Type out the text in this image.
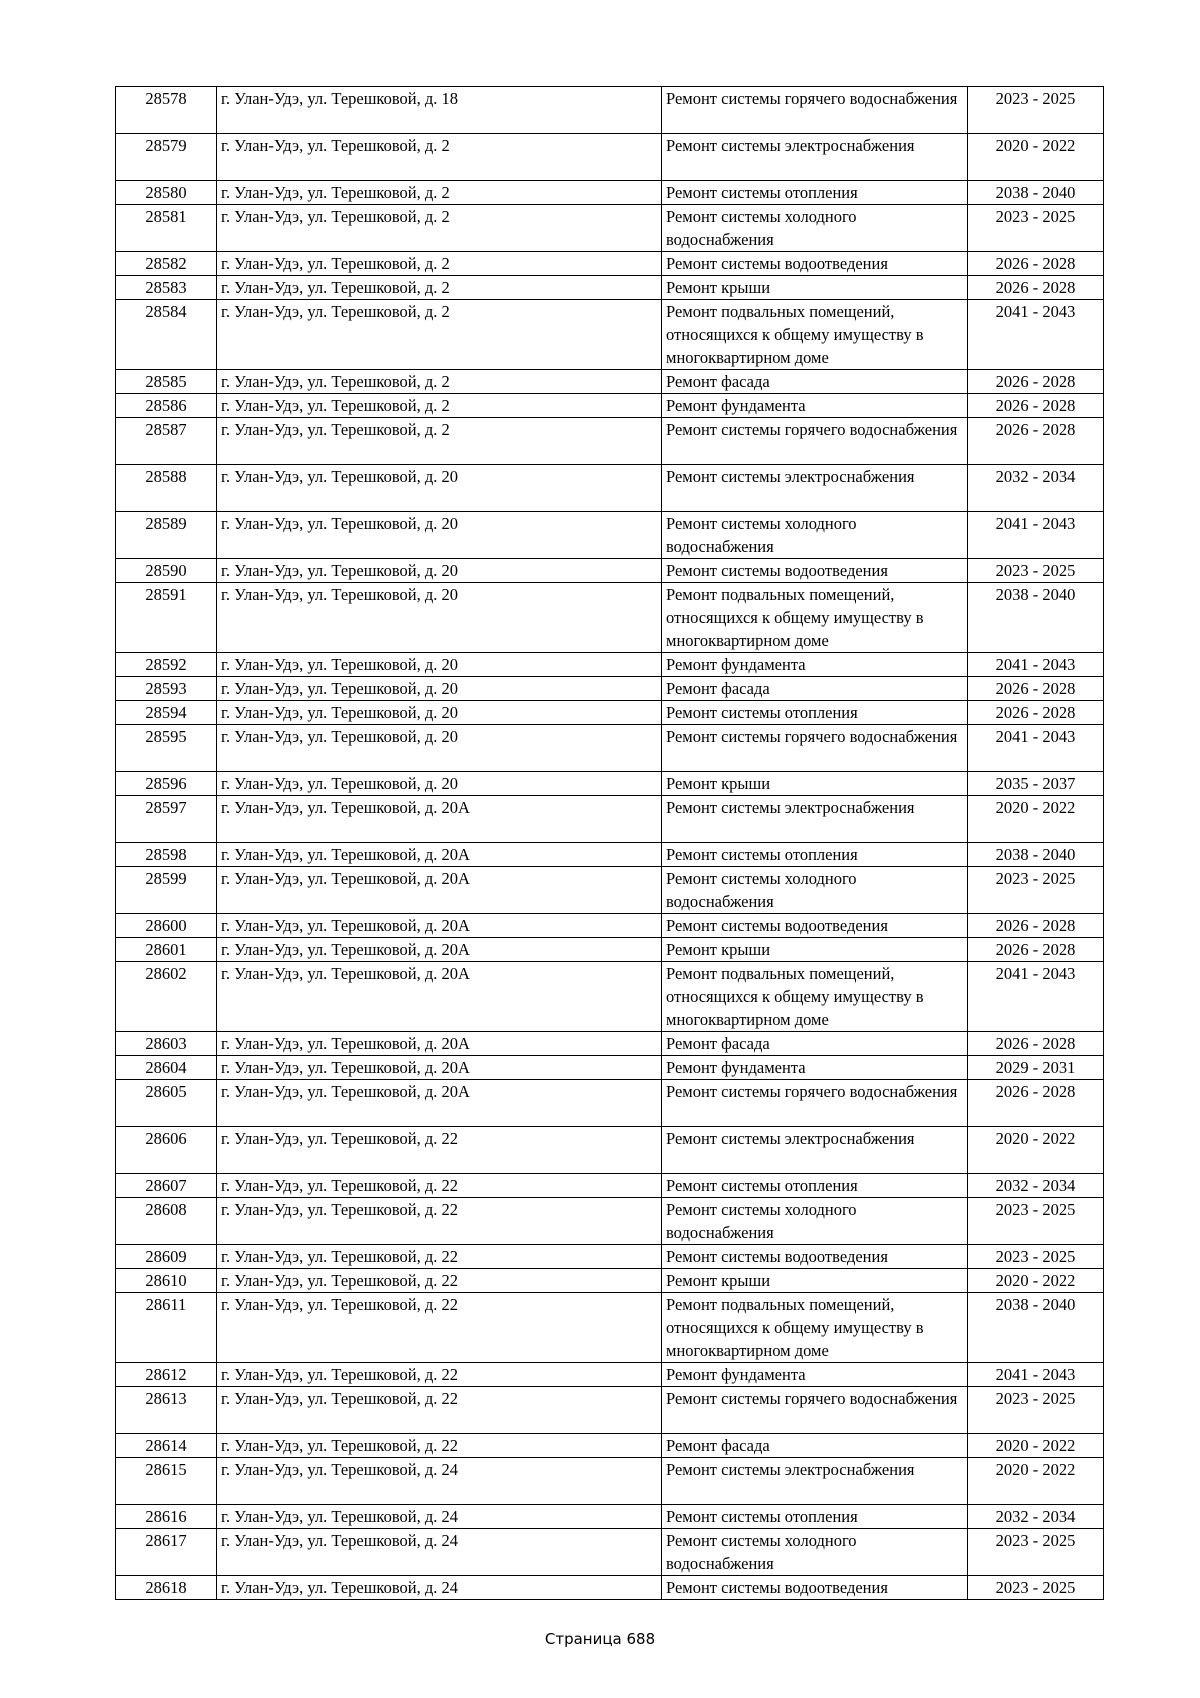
28578	г. Улан-Удэ, ул. Терешковой, д. 18	Ремонт системы горячего водоснабжения	2023 - 2025
28579	г. Улан-Удэ, ул. Терешковой, д. 2	Ремонт системы электроснабжения	2020 - 2022
28580	г. Улан-Удэ, ул. Терешковой, д. 2	Ремонт системы отопления	2038 - 2040
28581	г. Улан-Удэ, ул. Терешковой, д. 2	Ремонт системы холодного водоснабжения	2023 - 2025
28582	г. Улан-Удэ, ул. Терешковой, д. 2	Ремонт системы водоотведения	2026 - 2028
28583	г. Улан-Удэ, ул. Терешковой, д. 2	Ремонт крыши	2026 - 2028
28584	г. Улан-Удэ, ул. Терешковой, д. 2	Ремонт подвальных помещений, относящихся к общему имуществу в многоквартирном доме	2041 - 2043
28585	г. Улан-Удэ, ул. Терешковой, д. 2	Ремонт фасада	2026 - 2028
28586	г. Улан-Удэ, ул. Терешковой, д. 2	Ремонт фундамента	2026 - 2028
28587	г. Улан-Удэ, ул. Терешковой, д. 2	Ремонт системы горячего водоснабжения	2026 - 2028
28588	г. Улан-Удэ, ул. Терешковой, д. 20	Ремонт системы электроснабжения	2032 - 2034
28589	г. Улан-Удэ, ул. Терешковой, д. 20	Ремонт системы холодного водоснабжения	2041 - 2043
28590	г. Улан-Удэ, ул. Терешковой, д. 20	Ремонт системы водоотведения	2023 - 2025
28591	г. Улан-Удэ, ул. Терешковой, д. 20	Ремонт подвальных помещений, относящихся к общему имуществу в многоквартирном доме	2038 - 2040
28592	г. Улан-Удэ, ул. Терешковой, д. 20	Ремонт фундамента	2041 - 2043
28593	г. Улан-Удэ, ул. Терешковой, д. 20	Ремонт фасада	2026 - 2028
28594	г. Улан-Удэ, ул. Терешковой, д. 20	Ремонт системы отопления	2026 - 2028
28595	г. Улан-Удэ, ул. Терешковой, д. 20	Ремонт системы горячего водоснабжения	2041 - 2043
28596	г. Улан-Удэ, ул. Терешковой, д. 20	Ремонт крыши	2035 - 2037
28597	г. Улан-Удэ, ул. Терешковой, д. 20А	Ремонт системы электроснабжения	2020 - 2022
28598	г. Улан-Удэ, ул. Терешковой, д. 20А	Ремонт системы отопления	2038 - 2040
28599	г. Улан-Удэ, ул. Терешковой, д. 20А	Ремонт системы холодного водоснабжения	2023 - 2025
28600	г. Улан-Удэ, ул. Терешковой, д. 20А	Ремонт системы водоотведения	2026 - 2028
28601	г. Улан-Удэ, ул. Терешковой, д. 20А	Ремонт крыши	2026 - 2028
28602	г. Улан-Удэ, ул. Терешковой, д. 20А	Ремонт подвальных помещений, относящихся к общему имуществу в многоквартирном доме	2041 - 2043
28603	г. Улан-Удэ, ул. Терешковой, д. 20А	Ремонт фасада	2026 - 2028
28604	г. Улан-Удэ, ул. Терешковой, д. 20А	Ремонт фундамента	2029 - 2031
28605	г. Улан-Удэ, ул. Терешковой, д. 20А	Ремонт системы горячего водоснабжения	2026 - 2028
28606	г. Улан-Удэ, ул. Терешковой, д. 22	Ремонт системы электроснабжения	2020 - 2022
28607	г. Улан-Удэ, ул. Терешковой, д. 22	Ремонт системы отопления	2032 - 2034
28608	г. Улан-Удэ, ул. Терешковой, д. 22	Ремонт системы холодного водоснабжения	2023 - 2025
28609	г. Улан-Удэ, ул. Терешковой, д. 22	Ремонт системы водоотведения	2023 - 2025
28610	г. Улан-Удэ, ул. Терешковой, д. 22	Ремонт крыши	2020 - 2022
28611	г. Улан-Удэ, ул. Терешковой, д. 22	Ремонт подвальных помещений, относящихся к общему имуществу в многоквартирном доме	2038 - 2040
28612	г. Улан-Удэ, ул. Терешковой, д. 22	Ремонт фундамента	2041 - 2043
28613	г. Улан-Удэ, ул. Терешковой, д. 22	Ремонт системы горячего водоснабжения	2023 - 2025
28614	г. Улан-Удэ, ул. Терешковой, д. 22	Ремонт фасада	2020 - 2022
28615	г. Улан-Удэ, ул. Терешковой, д. 24	Ремонт системы электроснабжения	2020 - 2022
28616	г. Улан-Удэ, ул. Терешковой, д. 24	Ремонт системы отопления	2032 - 2034
28617	г. Улан-Удэ, ул. Терешковой, д. 24	Ремонт системы холодного водоснабжения	2023 - 2025
28618	г. Улан-Удэ, ул. Терешковой, д. 24	Ремонт системы водоотведения	2023 - 2025
Страница 688
